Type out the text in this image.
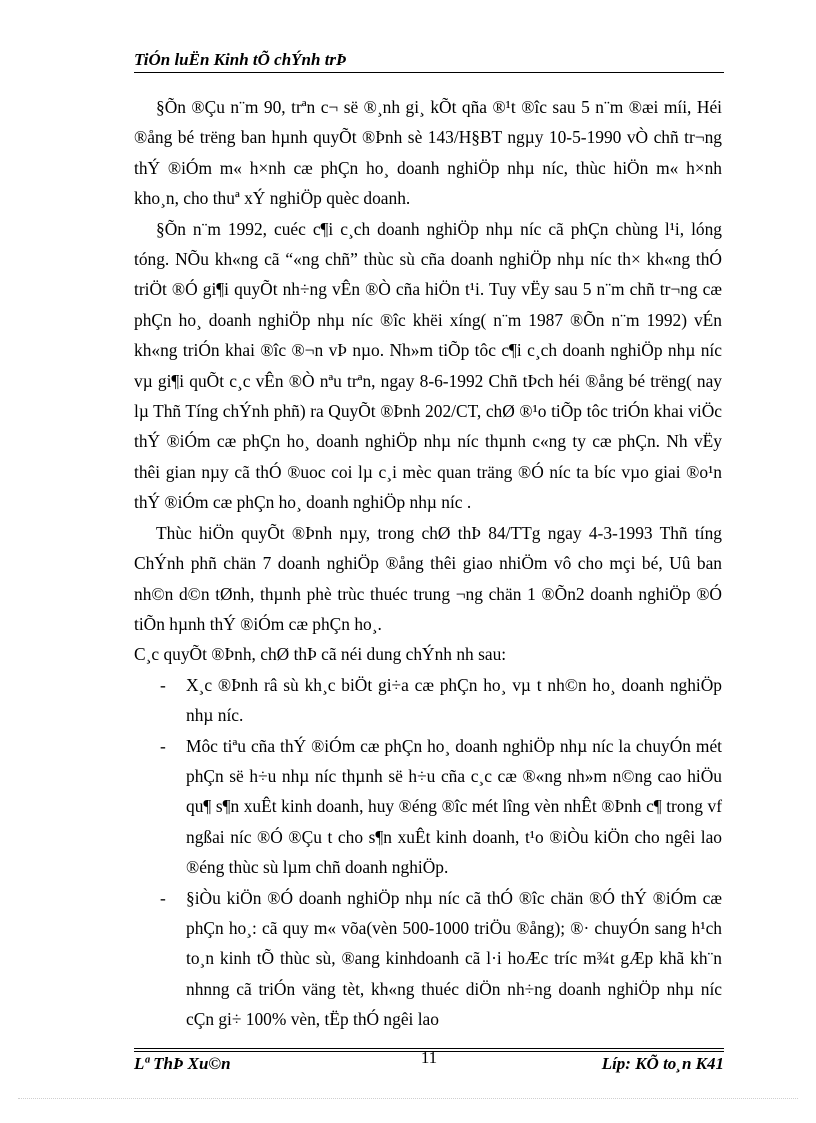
TiÓn luËn Kinh tÕ chÝnh trÞ

§Õn ®Çu n¨m 90, trªn c¬ së ®¸nh gi¸ kÕt qña ®¹t ®îc sau 5 n¨m ®æi míi, Héi ®ång bé trëng ban hµnh quyÕt ®Þnh sè 143/H§BT ngµy 10-5-1990 vÒ chñ tr¬ng thÝ ®iÓm m« h×nh cæ phÇn ho¸ doanh nghiÖp nhµ níc, thùc hiÖn m« h×nh kho¸n, cho thuª xÝ nghiÖp quèc doanh.

§Õn n¨m 1992, cuéc c¶i c¸ch doanh nghiÖp nhµ níc cã phÇn chùng l¹i, lóng tóng. NÕu kh«ng cã “«ng chñ” thùc sù cña doanh nghiÖp nhµ níc th× kh«ng thÓ triÖt ®Ó gi¶i quyÕt nh÷ng vÊn ®Ò cña hiÖn t¹i. Tuy vËy sau 5 n¨m chñ tr¬ng cæ phÇn ho¸ doanh nghiÖp nhµ níc ®îc khëi xíng( n¨m 1987 ®Õn n¨m 1992) vÉn kh«ng triÓn khai ®îc ®¬n vÞ nµo. Nh»m tiÕp tôc c¶i c¸ch doanh nghiÖp nhµ níc vµ gi¶i quÕt c¸c vÊn ®Ò nªu trªn, ngay 8-6-1992 Chñ tÞch héi ®ång bé trëng( nay lµ Thñ Tíng chÝnh phñ) ra QuyÕt ®Þnh 202/CT, chØ ®¹o tiÕp tôc triÓn khai viÖc thÝ ®iÓm cæ phÇn ho¸ doanh nghiÖp nhµ níc thµnh c«ng ty cæ phÇn. Nh vËy thêi gian nµy cã thÓ ®uoc coi lµ c¸i mèc quan träng ®Ó níc ta bíc vµo giai ®o¹n thÝ ®iÓm cæ phÇn ho¸ doanh nghiÖp nhµ níc .

Thùc hiÖn quyÕt ®Þnh nµy, trong chØ thÞ 84/TTg ngay 4-3-1993 Thñ tíng ChÝnh phñ chän 7 doanh nghiÖp ®ång thêi giao nhiÖm vô cho mçi bé, Uû ban nh©n d©n tØnh, thµnh phè trùc thuéc trung ¬ng chän 1 ®Õn2 doanh nghiÖp ®Ó tiÕn hµnh thÝ ®iÓm cæ phÇn ho¸.

C¸c quyÕt ®Þnh, chØ thÞ cã néi dung chÝnh nh sau:

- X¸c ®Þnh râ sù kh¸c biÖt gi÷a cæ phÇn ho¸ vµ t nh©n ho¸ doanh nghiÖp nhµ níc.
- Môc tiªu cña thÝ ®iÓm cæ phÇn ho¸ doanh nghiÖp nhµ níc la chuyÓn mét phÇn së h÷u nhµ níc thµnh së h÷u cña c¸c cæ ®«ng nh»m n©ng cao hiÖu qu¶ s¶n xuÊt kinh doanh, huy ®éng ®îc mét lîng vèn nhÊt ®Þnh c¶ trong vf ngßai níc ®Ó ®Çu t cho s¶n xuÊt kinh doanh, t¹o ®iÒu kiÖn cho ngêi lao ®éng thùc sù lµm chñ doanh nghiÖp.
- §iÒu kiÖn ®Ó doanh nghiÖp nhµ níc cã thÓ ®îc chän ®Ó thÝ ®iÓm cæ phÇn ho¸: cã quy m« võa(vèn 500-1000 triÖu ®ång); ®· chuyÓn sang h¹ch to¸n kinh tÕ thùc sù, ®ang kinhdoanh cã l·i hoÆc tríc m¾t gÆp khã kh¨n nhnng cã triÓn väng tèt, kh«ng thuéc diÖn nh÷ng doanh nghiÖp nhµ níc cÇn gi÷ 100% vèn, tËp thÓ ngêi lao
Lª ThÞ Xu©n	11	Líp: KÕ to¸n K41
